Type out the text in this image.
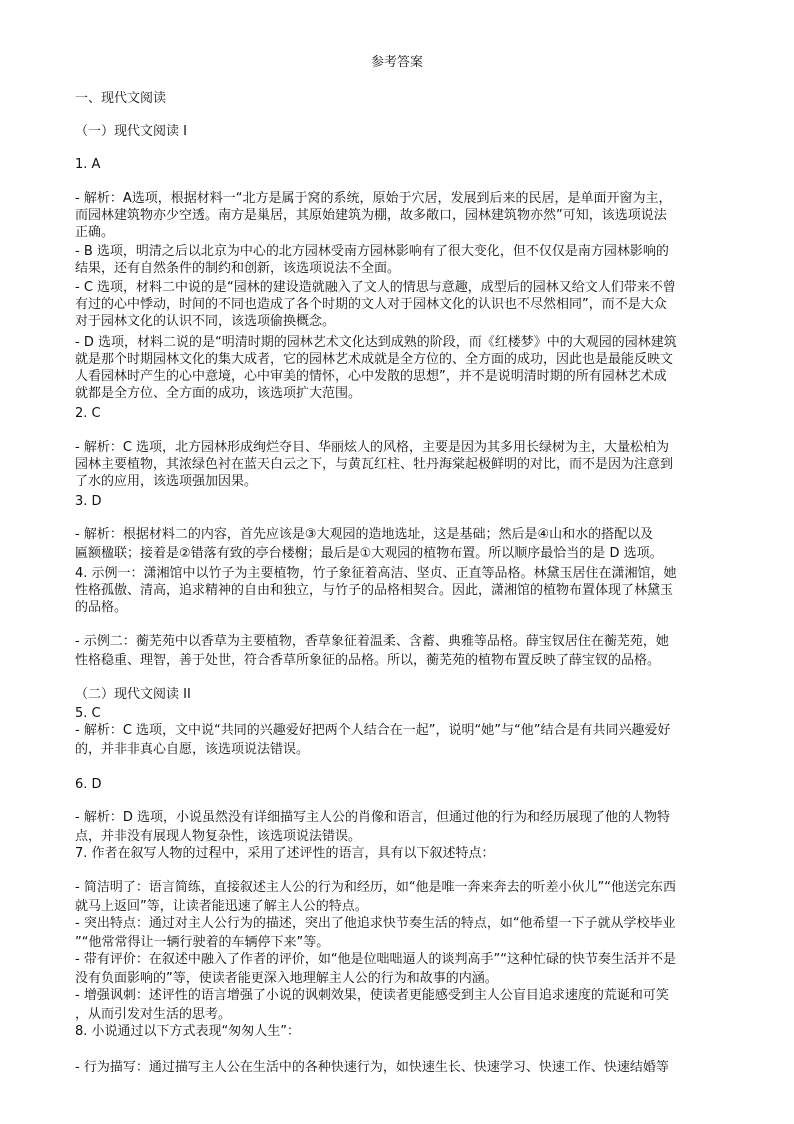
参考答案
一、现代文阅读
（一）现代文阅读 I
1. A
- 解析：A选项，根据材料一“北方是属于窝的系统，原始于穴居，发展到后来的民居，是单面开窗为主，
而园林建筑物亦少空透。南方是巢居，其原始建筑为棚，故多敞口，园林建筑物亦然”可知，该选项说法
正确。
- B 选项，明清之后以北京为中心的北方园林受南方园林影响有了很大变化，但不仅仅是南方园林影响的
结果，还有自然条件的制约和创新，该选项说法不全面。
- C 选项，材料二中说的是“园林的建设造就融入了文人的情思与意趣，成型后的园林又给文人们带来不曾
有过的心中悸动，时间的不同也造成了各个时期的文人对于园林文化的认识也不尽然相同”，而不是大众
对于园林文化的认识不同，该选项偷换概念。
- D 选项，材料二说的是“明清时期的园林艺术文化达到成熟的阶段，而《红楼梦》中的大观园的园林建筑
就是那个时期园林文化的集大成者，它的园林艺术成就是全方位的、全方面的成功，因此也是最能反映文
人看园林时产生的心中意境，心中审美的情怀，心中发散的思想”，并不是说明清时期的所有园林艺术成
就都是全方位、全方面的成功，该选项扩大范围。
2. C
- 解析：C 选项，北方园林形成绚烂夺目、华丽炫人的风格，主要是因为其多用长绿树为主，大量松柏为
园林主要植物，其浓绿色衬在蓝天白云之下，与黄瓦红柱、牡丹海棠起极鲜明的对比，而不是因为注意到
了水的应用，该选项强加因果。
3. D
- 解析：根据材料二的内容，首先应该是③大观园的造地选址，这是基础；然后是④山和水的搭配以及
匾额楹联；接着是②错落有致的亭台楼榭；最后是①大观园的植物布置。所以顺序最恰当的是 D 选项。
4. 示例一：潇湘馆中以竹子为主要植物，竹子象征着高洁、坚贞、正直等品格。林黛玉居住在潇湘馆，她
性格孤傲、清高，追求精神的自由和独立，与竹子的品格相契合。因此，潇湘馆的植物布置体现了林黛玉
的品格。
- 示例二：蘅芜苑中以香草为主要植物，香草象征着温柔、含蓄、典雅等品格。薛宝钗居住在蘅芜苑，她
性格稳重、理智，善于处世，符合香草所象征的品格。所以，蘅芜苑的植物布置反映了薛宝钗的品格。
（二）现代文阅读 II
5. C
- 解析：C 选项，文中说“共同的兴趣爱好把两个人结合在一起”，说明“她”与“他”结合是有共同兴趣爱好
的，并非非真心自愿，该选项说法错误。
6. D
- 解析：D 选项，小说虽然没有详细描写主人公的肖像和语言，但通过他的行为和经历展现了他的人物特
点，并非没有展现人物复杂性，该选项说法错误。
7. 作者在叙写人物的过程中，采用了述评性的语言，具有以下叙述特点：
- 简洁明了：语言简练，直接叙述主人公的行为和经历，如“他是唯一奔来奔去的听差小伙儿”“他送完东西
就马上返回”等，让读者能迅速了解主人公的特点。
- 突出特点：通过对主人公行为的描述，突出了他追求快节奏生活的特点，如“他希望一下子就从学校毕业
”“他常常得让一辆行驶着的车辆停下来”等。
- 带有评价：在叙述中融入了作者的评价，如“他是位咄咄逼人的谈判高手”“这种忙碌的快节奏生活并不是
没有负面影响的”等，使读者能更深入地理解主人公的行为和故事的内涵。
- 增强讽刺：述评性的语言增强了小说的讽刺效果，使读者更能感受到主人公盲目追求速度的荒诞和可笑
，从而引发对生活的思考。
8. 小说通过以下方式表现“匆匆人生”：
- 行为描写：通过描写主人公在生活中的各种快速行为，如快速生长、快速学习、快速工作、快速结婚等
